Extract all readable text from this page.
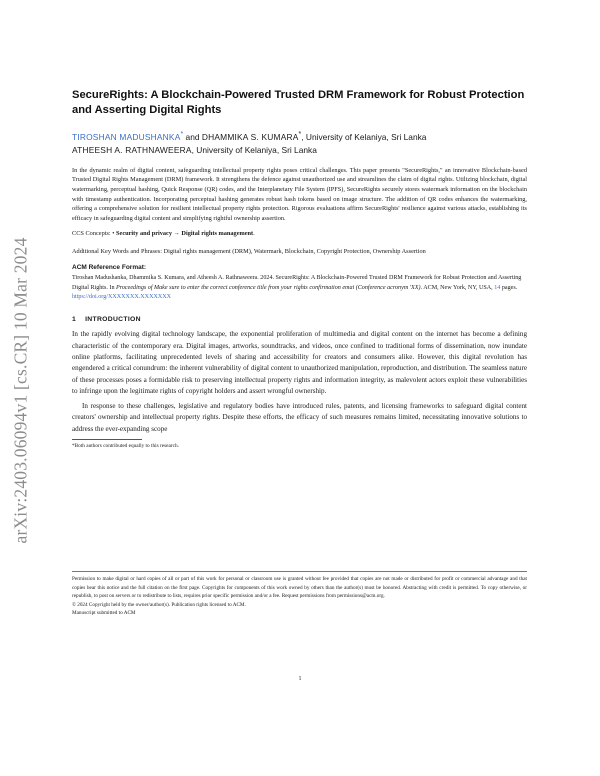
arXiv:2403.06094v1 [cs.CR] 10 Mar 2024
SecureRights: A Blockchain-Powered Trusted DRM Framework for Robust Protection and Asserting Digital Rights
TIROSHAN MADUSHANKA* and DHAMMIKA S. KUMARA*, University of Kelaniya, Sri Lanka
ATHEESH A. RATHNAWEERA, University of Kelaniya, Sri Lanka

In the dynamic realm of digital content, safeguarding intellectual property rights poses critical challenges. This paper presents "SecureRights," an innovative Blockchain-based Trusted Digital Rights Management (DRM) framework. It strengthens the defence against unauthorized use and streamlines the claim of digital rights. Utilizing blockchain, digital watermarking, perceptual hashing, Quick Response (QR) codes, and the Interplanetary File System (IPFS), SecureRights securely stores watermark information on the blockchain with timestamp authentication. Incorporating perceptual hashing generates robust hash tokens based on image structure. The addition of QR codes enhances the watermarking, offering a comprehensive solution for resilient intellectual property rights protection. Rigorous evaluations affirm SecureRights' resilience against various attacks, establishing its efficacy in safeguarding digital content and simplifying rightful ownership assertion.

CCS Concepts: • Security and privacy → Digital rights management.

Additional Key Words and Phrases: Digital rights management (DRM), Watermark, Blockchain, Copyright Protection, Ownership Assertion

ACM Reference Format:

Tiroshan Madushanka, Dhammika S. Kumara, and Atheesh A. Rathnaweera. 2024. SecureRights: A Blockchain-Powered Trusted DRM Framework for Robust Protection and Asserting Digital Rights. In Proceedings of Make sure to enter the correct conference title from your rights confirmation emai (Conference acronym 'XX). ACM, New York, NY, USA, 14 pages. https://doi.org/XXXXXXX.XXXXXXX

1 INTRODUCTION

In the rapidly evolving digital technology landscape, the exponential proliferation of multimedia and digital content on the internet has become a defining characteristic of the contemporary era. Digital images, artworks, soundtracks, and videos, once confined to traditional forms of dissemination, now inundate online platforms, facilitating unprecedented levels of sharing and accessibility for creators and consumers alike. However, this digital revolution has engendered a critical conundrum: the inherent vulnerability of digital content to unauthorized manipulation, reproduction, and distribution. The seamless nature of these processes poses a formidable risk to preserving intellectual property rights and information integrity, as malevolent actors exploit these vulnerabilities to infringe upon the legitimate rights of copyright holders and assert wrongful ownership.

In response to these challenges, legislative and regulatory bodies have introduced rules, patents, and licensing frameworks to safeguard digital content creators' ownership and intellectual property rights. Despite these efforts, the efficacy of such measures remains limited, necessitating innovative solutions to address the ever-expanding scope

*Both authors contributed equally to this research.

Permission to make digital or hard copies of all or part of this work for personal or classroom use is granted without fee provided that copies are not made or distributed for profit or commercial advantage and that copies bear this notice and the full citation on the first page. Copyrights for components of this work owned by others than the author(s) must be honored. Abstracting with credit is permitted. To copy otherwise, or republish, to post on servers or to redistribute to lists, requires prior specific permission and/or a fee. Request permissions from permissions@acm.org.

© 2024 Copyright held by the owner/author(s). Publication rights licensed to ACM.

Manuscript submitted to ACM

1
